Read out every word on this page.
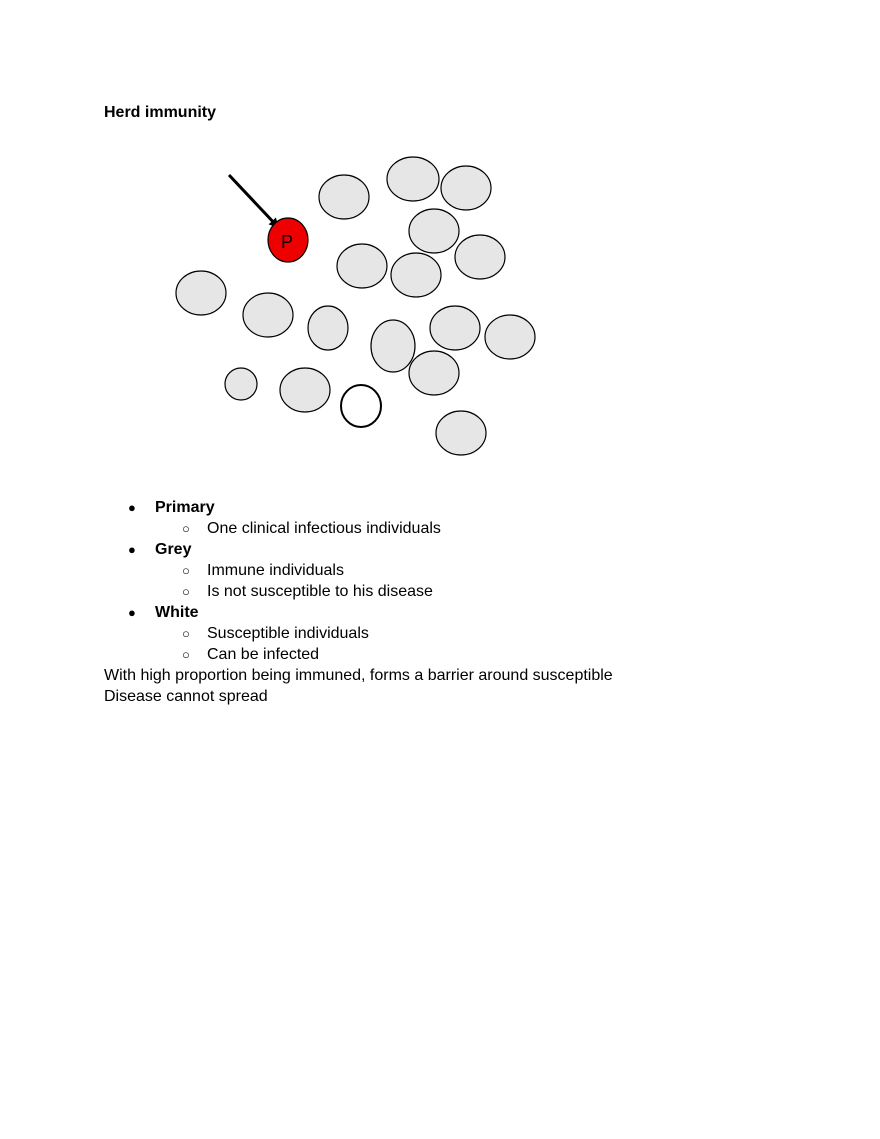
Herd immunity
P
● Primary
○ One clinical infectious individuals
● Grey
○ Immune individuals
○ Is not susceptible to his disease
● White
○ Susceptible individuals
○ Can be infected
With high proportion being immuned, forms a barrier around susceptible
Disease cannot spread
